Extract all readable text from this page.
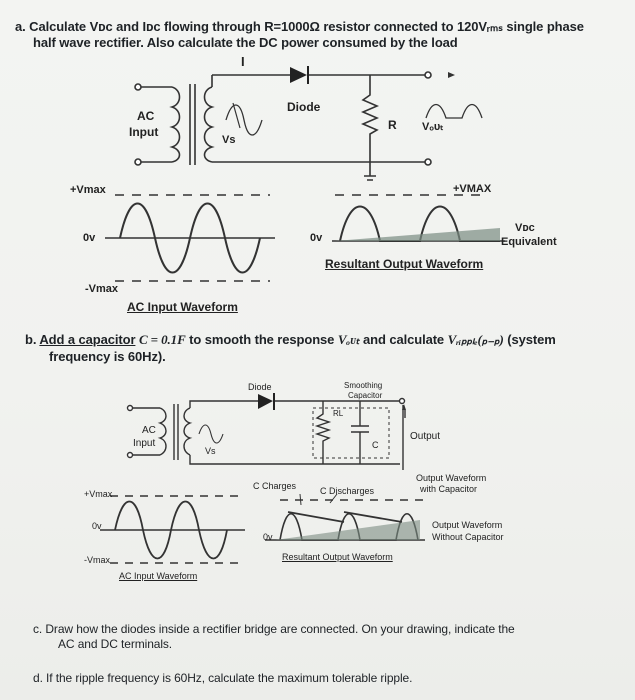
a. Calculate Vᴅᴄ and Iᴅᴄ flowing through R=1000Ω resistor connected to 120Vᵣₘₛ single phase
half wave rectifier. Also calculate the DC power consumed by the load
I
Diode
AC
Input
Vs
R Vₒᴜₜ
+Vmax
0v
-Vmax
AC Input Waveform
0v
+VMAX
Vᴅᴄ
Equivalent
Resultant Output Waveform
b. Add a capacitor C = 0.1F to smooth the response Vₒᴜₜ and calculate Vᵣᵢₚₚₗₑ(ₚ₋ₚ) (system
frequency is 60Hz).
Diode	Smoothing
Capacitor
AC
Input
Vs
RL
C
Output
+Vmax
0v
-Vmax
AC Input Waveform
C Charges	C Discharges
0v
Output Waveform
with Capacitor
Output Waveform
Without Capacitor
Resultant Output Waveform
c. Draw how the diodes inside a rectifier bridge are connected. On your drawing, indicate the
AC and DC terminals.
d. If the ripple frequency is 60Hz, calculate the maximum tolerable ripple.
